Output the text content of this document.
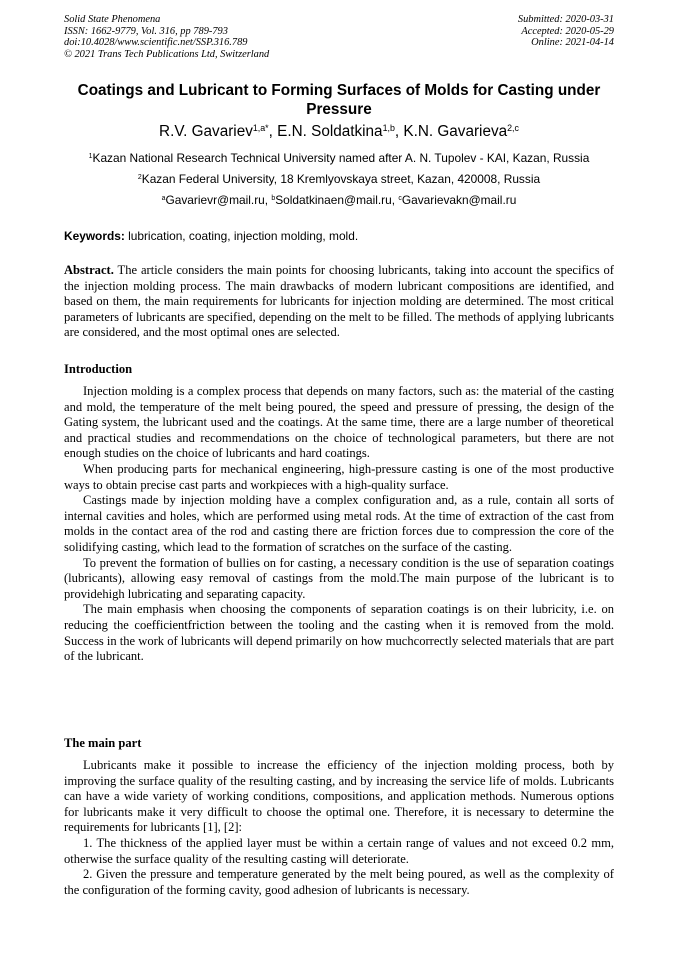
Solid State Phenomena
ISSN: 1662-9779, Vol. 316, pp 789-793
doi:10.4028/www.scientific.net/SSP.316.789
© 2021 Trans Tech Publications Ltd, Switzerland
Submitted: 2020-03-31
Accepted: 2020-05-29
Online: 2021-04-14
Coatings and Lubricant to Forming Surfaces of Molds for Casting under Pressure
R.V. Gavariev$^{1,a*}$, E.N. Soldatkina$^{1,b}$, K.N. Gavarieva$^{2,c}$
$^1$Kazan National Research Technical University named after A. N. Tupolev - KAI, Kazan, Russia
$^2$Kazan Federal University, 18 Kremlyovskaya street, Kazan, 420008, Russia
$^a$Gavarievr@mail.ru, $^b$Soldatkinaen@mail.ru, $^c$Gavarievakn@mail.ru
Keywords: lubrication, coating, injection molding, mold.

Abstract. The article considers the main points for choosing lubricants, taking into account the specifics of the injection molding process. The main drawbacks of modern lubricant compositions are identified, and based on them, the main requirements for lubricants for injection molding are determined. The most critical parameters of lubricants are specified, depending on the melt to be filled. The methods of applying lubricants are considered, and the most optimal ones are selected.

Introduction

Injection molding is a complex process that depends on many factors, such as: the material of the casting and mold, the temperature of the melt being poured, the speed and pressure of pressing, the design of the Gating system, the lubricant used and the coatings. At the same time, there are a large number of theoretical and practical studies and recommendations on the choice of technological parameters, but there are not enough studies on the choice of lubricants and hard coatings.

When producing parts for mechanical engineering, high-pressure casting is one of the most productive ways to obtain precise cast parts and workpieces with a high-quality surface.

Castings made by injection molding have a complex configuration and, as a rule, contain all sorts of internal cavities and holes, which are performed using metal rods. At the time of extraction of the cast from molds in the contact area of the rod and casting there are friction forces due to compression the core of the solidifying casting, which lead to the formation of scratches on the surface of the casting.

To prevent the formation of bullies on for casting, a necessary condition is the use of separation coatings (lubricants), allowing easy removal of castings from the mold.The main purpose of the lubricant is to providehigh lubricating and separating capacity.

The main emphasis when choosing the components of separation coatings is on their lubricity, i.e. on reducing the coefficientfriction between the tooling and the casting when it is removed from the mold. Success in the work of lubricants will depend primarily on how muchcorrectly selected materials that are part of the lubricant.

The main part

Lubricants make it possible to increase the efficiency of the injection molding process, both by improving the surface quality of the resulting casting, and by increasing the service life of molds. Lubricants can have a wide variety of working conditions, compositions, and application methods. Numerous options for lubricants make it very difficult to choose the optimal one. Therefore, it is necessary to determine the requirements for lubricants [1], [2]:

1. The thickness of the applied layer must be within a certain range of values and not exceed 0.2 mm, otherwise the surface quality of the resulting casting will deteriorate.

2. Given the pressure and temperature generated by the melt being poured, as well as the complexity of the configuration of the forming cavity, good adhesion of lubricants is necessary.
